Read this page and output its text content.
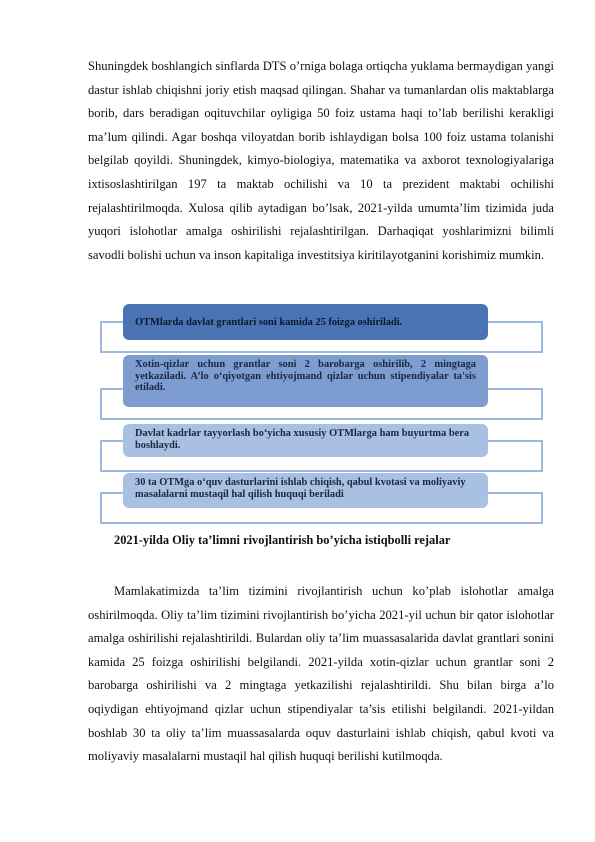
Shuningdek boshlangich sinflarda DTS o’rniga bolaga ortiqcha yuklama bermaydigan yangi dastur ishlab chiqishni joriy etish maqsad qilingan. Shahar va tumanlardan olis maktablarga borib, dars beradigan oqituvchilar oyligiga 50 foiz ustama haqi to’lab berilishi kerakligi ma’lum qilindi. Agar boshqa viloyatdan borib ishlaydigan bolsa 100 foiz ustama tolanishi belgilab qoyildi. Shuningdek, kimyo-biologiya, matematika va axborot texnologiyalariga ixtisoslashtirilgan 197 ta maktab ochilishi va 10 ta prezident maktabi ochilishi rejalashtirilmoqda. Xulosa qilib aytadigan bo’lsak, 2021-yilda umumta’lim tizimida juda yuqori islohotlar amalga oshirilishi rejalashtirilgan. Darhaqiqat yoshlarimizni bilimli savodli bolishi uchun va inson kapitaliga investitsiya kiritilayotganini korishimiz mumkin.

OTMlarda davlat grantlari soni kamida 25 foizga oshiriladi.
Xotin-qizlar uchun grantlar soni 2 barobarga oshirilib, 2 mingtaga yetkaziladi. A’lo o‘qiyotgan ehtiyojmand qizlar uchun stipendiyalar ta'sis etiladi.
Davlat kadrlar tayyorlash bo‘yicha xususiy OTMlarga ham buyurtma bera boshlaydi.
30 ta OTMga o‘quv dasturlarini ishlab chiqish, qabul kvotasi va moliyaviy masalalarni mustaqil hal qilish huquqi beriladi

2021-yilda Oliy ta’limni rivojlantirish bo’yicha istiqbolli rejalar

Mamlakatimizda ta’lim tizimini rivojlantirish uchun ko’plab islohotlar amalga oshirilmoqda. Oliy ta’lim tizimini rivojlantirish bo’yicha 2021-yil uchun bir qator islohotlar amalga oshirilishi rejalashtirildi. Bulardan oliy ta’lim muassasalarida davlat grantlari sonini kamida 25 foizga oshirilishi belgilandi. 2021-yilda xotin-qizlar uchun grantlar soni 2 barobarga oshirilishi va 2 mingtaga yetkazilishi rejalashtirildi. Shu bilan birga a’lo oqiydigan ehtiyojmand qizlar uchun stipendiyalar ta’sis etilishi belgilandi. 2021-yildan boshlab 30 ta oliy ta’lim muassasalarda oquv dasturlaini ishlab chiqish, qabul kvoti va moliyaviy masalalarni mustaqil hal qilish huquqi berilishi kutilmoqda.
